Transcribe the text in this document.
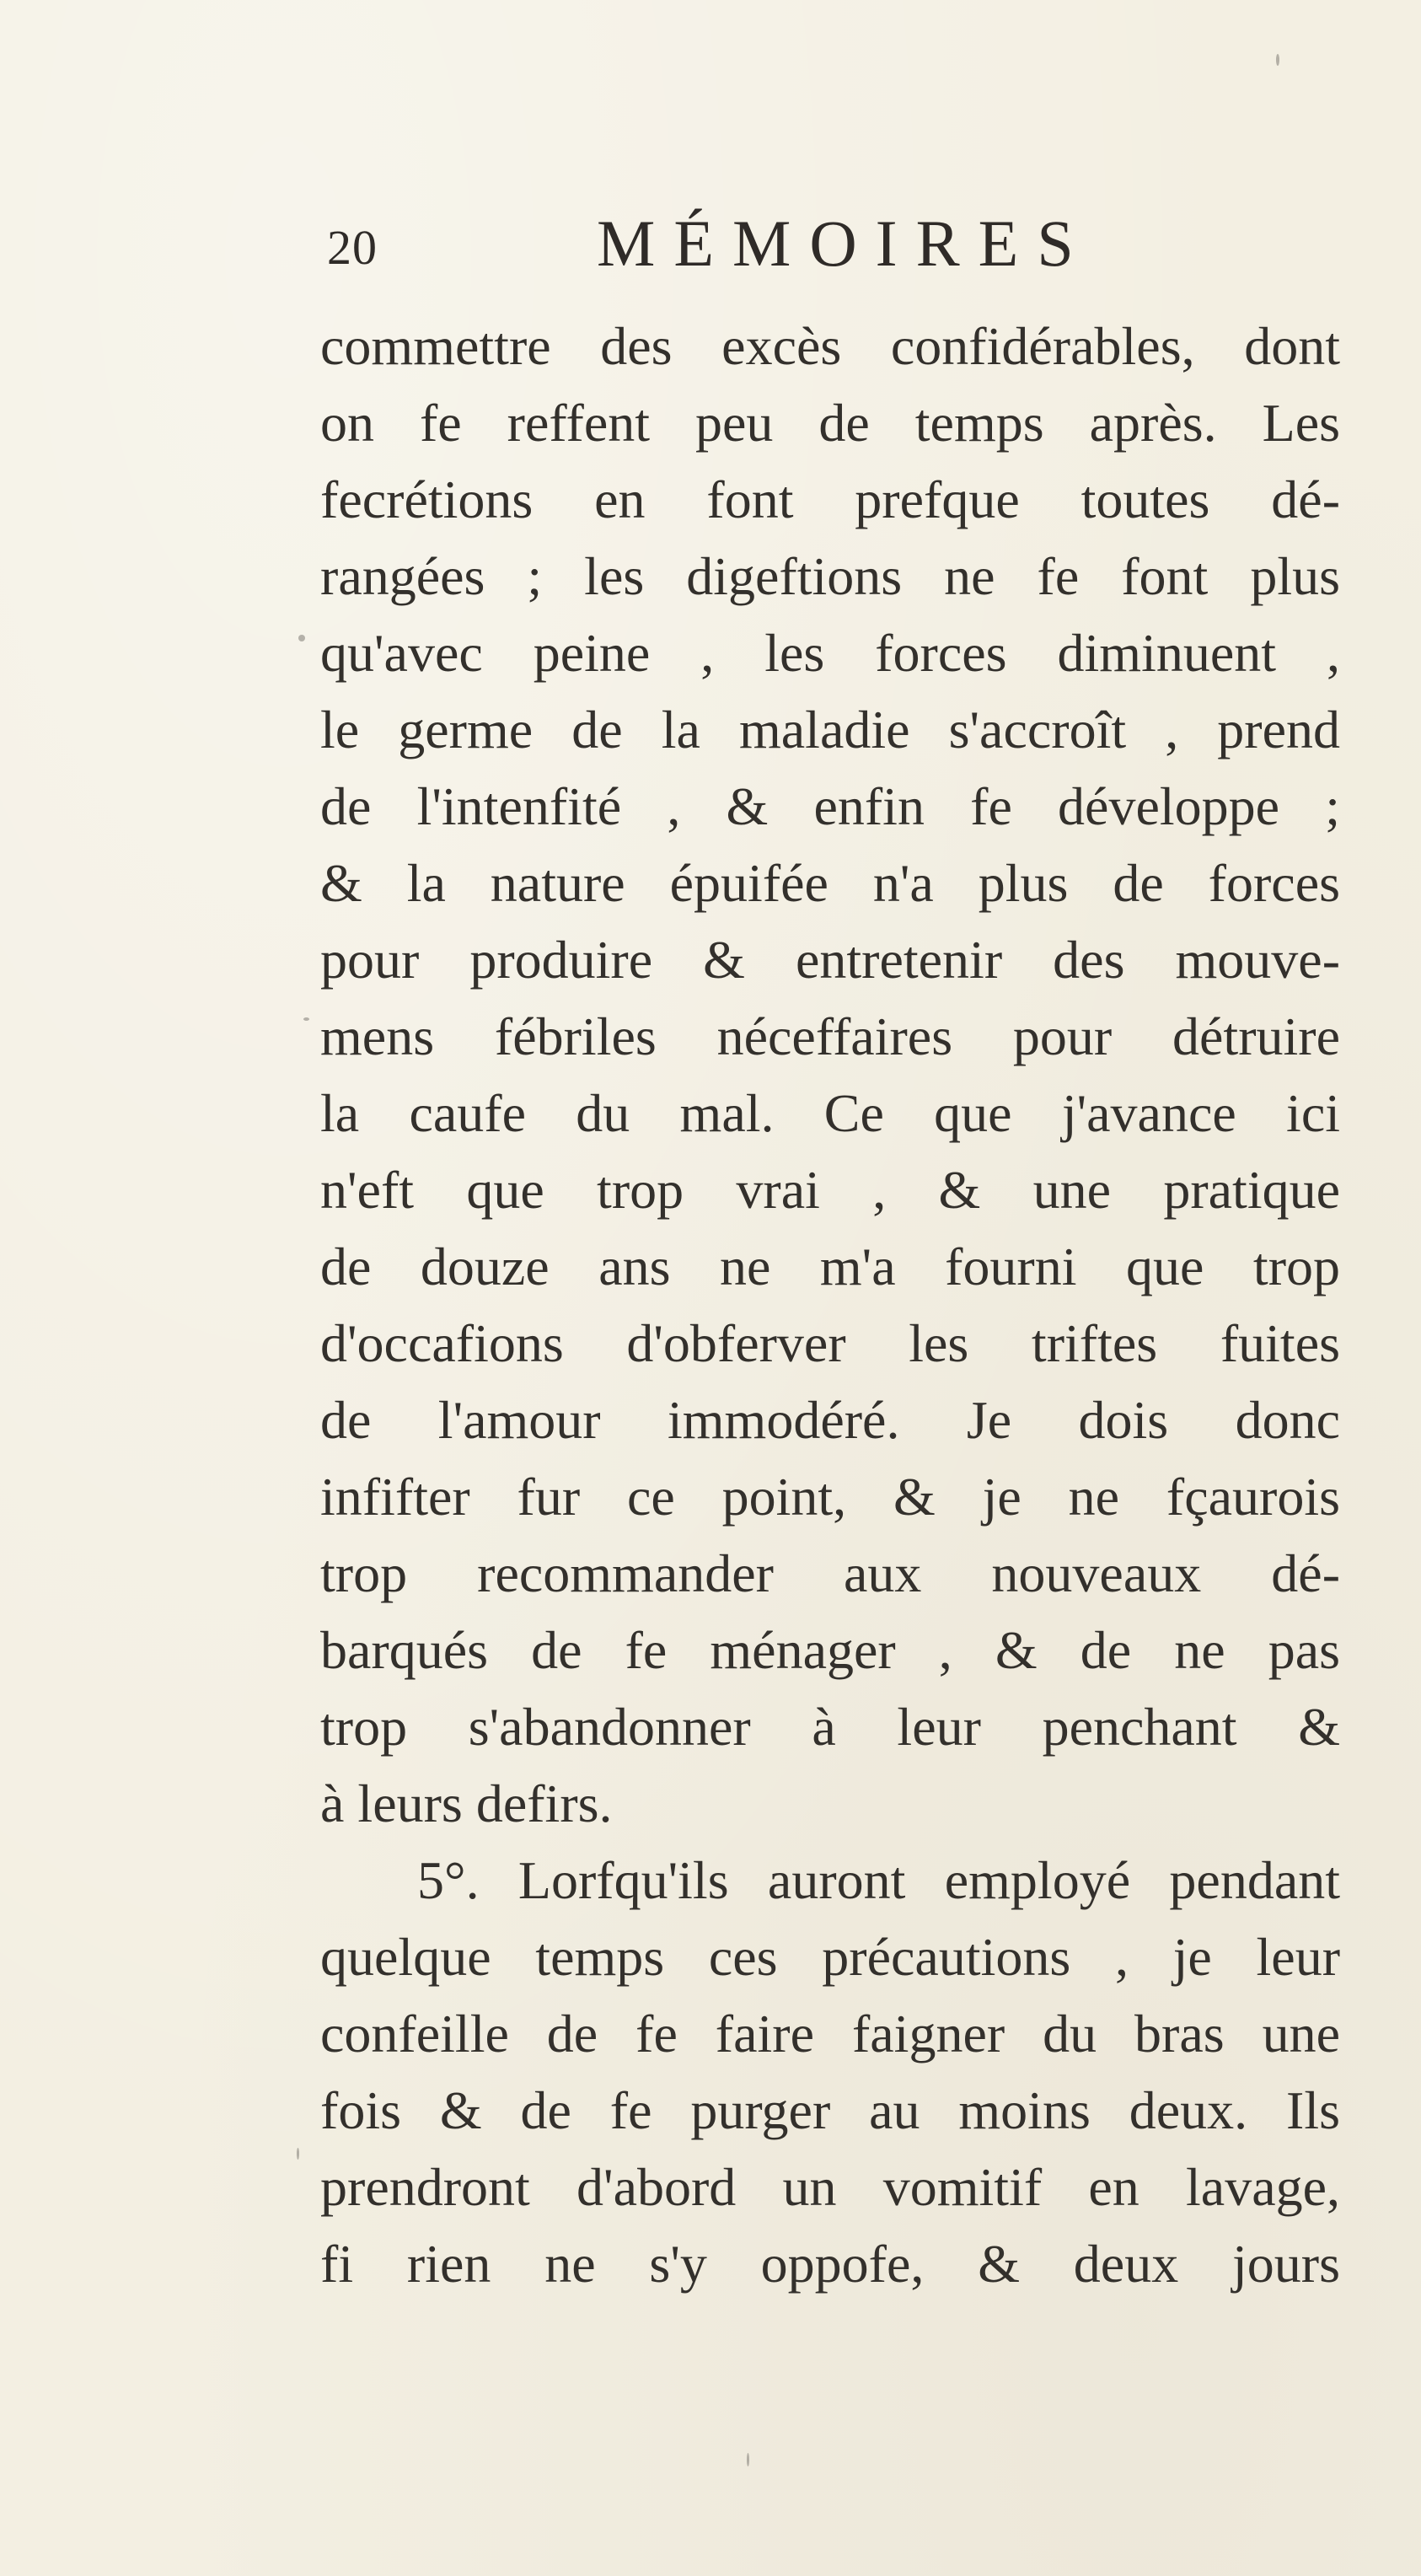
20	MÉMOIRES
commettre des excès confidérables, dont
on fe reffent peu de temps après. Les
fecrétions en font prefque toutes dé-
rangées ; les digeftions ne fe font plus
qu'avec peine , les forces diminuent ,
le germe de la maladie s'accroît , prend
de l'intenfité , & enfin fe développe ;
& la nature épuifée n'a plus de forces
pour produire & entretenir des mouve-
mens fébriles néceffaires pour détruire
la caufe du mal. Ce que j'avance ici
n'eft que trop vrai , & une pratique
de douze ans ne m'a fourni que trop
d'occafions d'obferver les triftes fuites
de l'amour immodéré. Je dois donc
infifter fur ce point, & je ne fçaurois
trop recommander aux nouveaux dé-
barqués de fe ménager , & de ne pas
trop s'abandonner à leur penchant &
à leurs defirs.
5°. Lorfqu'ils auront employé pendant
quelque temps ces précautions , je leur
confeille de fe faire faigner du bras une
fois & de fe purger au moins deux. Ils
prendront d'abord un vomitif en lavage,
fi rien ne s'y oppofe, & deux jours
